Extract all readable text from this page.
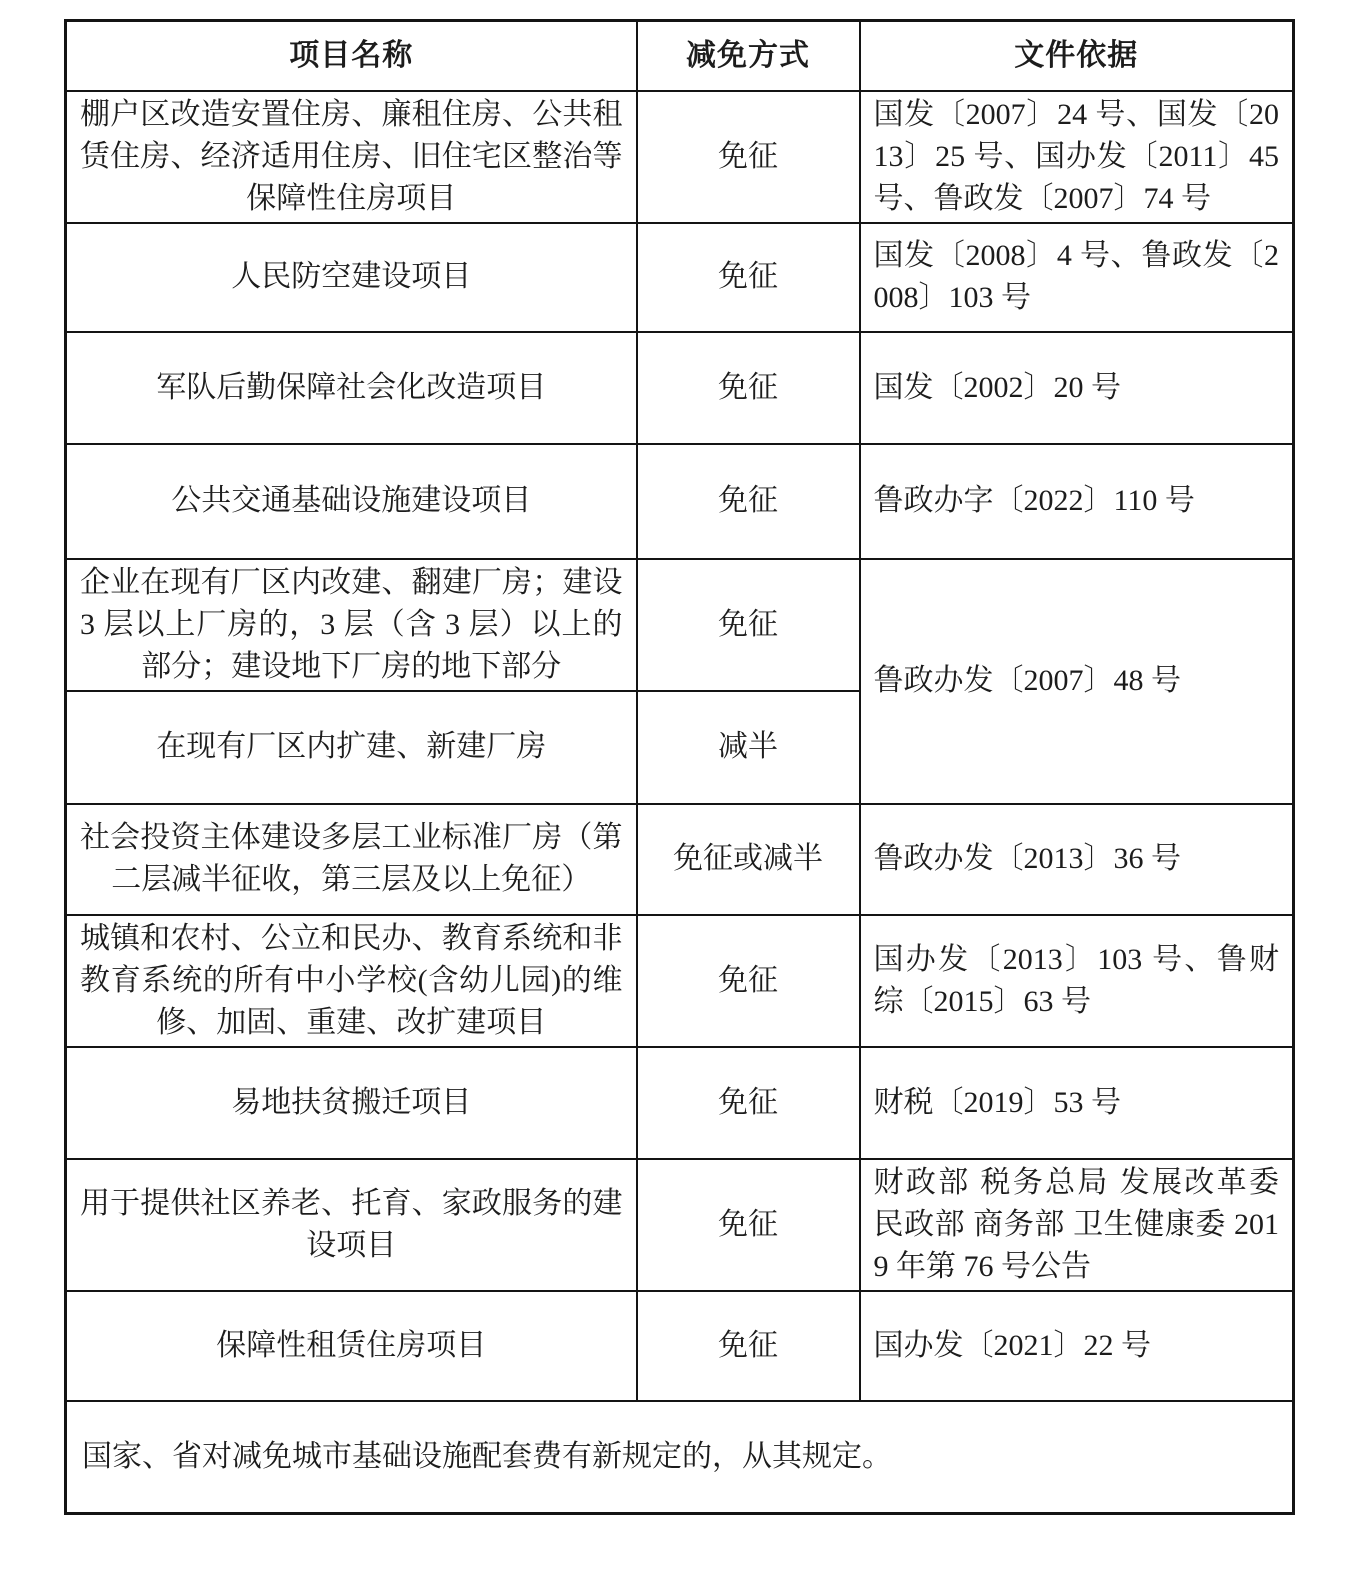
项目名称	减免方式	文件依据
棚户区改造安置住房、廉租住房、公共租赁住房、经济适用住房、旧住宅区整治等保障性住房项目	免征	国发〔2007〕24 号、国发〔2013〕25 号、国办发〔2011〕45 号、鲁政发〔2007〕74 号
人民防空建设项目	免征	国发〔2008〕4 号、鲁政发〔2008〕103 号
军队后勤保障社会化改造项目	免征	国发〔2002〕20 号
公共交通基础设施建设项目	免征	鲁政办字〔2022〕110 号
企业在现有厂区内改建、翻建厂房；建设 3 层以上厂房的，3 层（含 3 层）以上的部分；建设地下厂房的地下部分	免征	鲁政办发〔2007〕48 号
在现有厂区内扩建、新建厂房	减半	
社会投资主体建设多层工业标准厂房（第二层减半征收，第三层及以上免征）	免征或减半	鲁政办发〔2013〕36 号
城镇和农村、公立和民办、教育系统和非教育系统的所有中小学校(含幼儿园)的维修、加固、重建、改扩建项目	免征	国办发〔2013〕103 号、鲁财综〔2015〕63 号
易地扶贫搬迁项目	免征	财税〔2019〕53 号
用于提供社区养老、托育、家政服务的建设项目	免征	财政部 税务总局 发展改革委 民政部 商务部 卫生健康委 2019 年第 76 号公告
保障性租赁住房项目	免征	国办发〔2021〕22 号
国家、省对减免城市基础设施配套费有新规定的，从其规定。		
